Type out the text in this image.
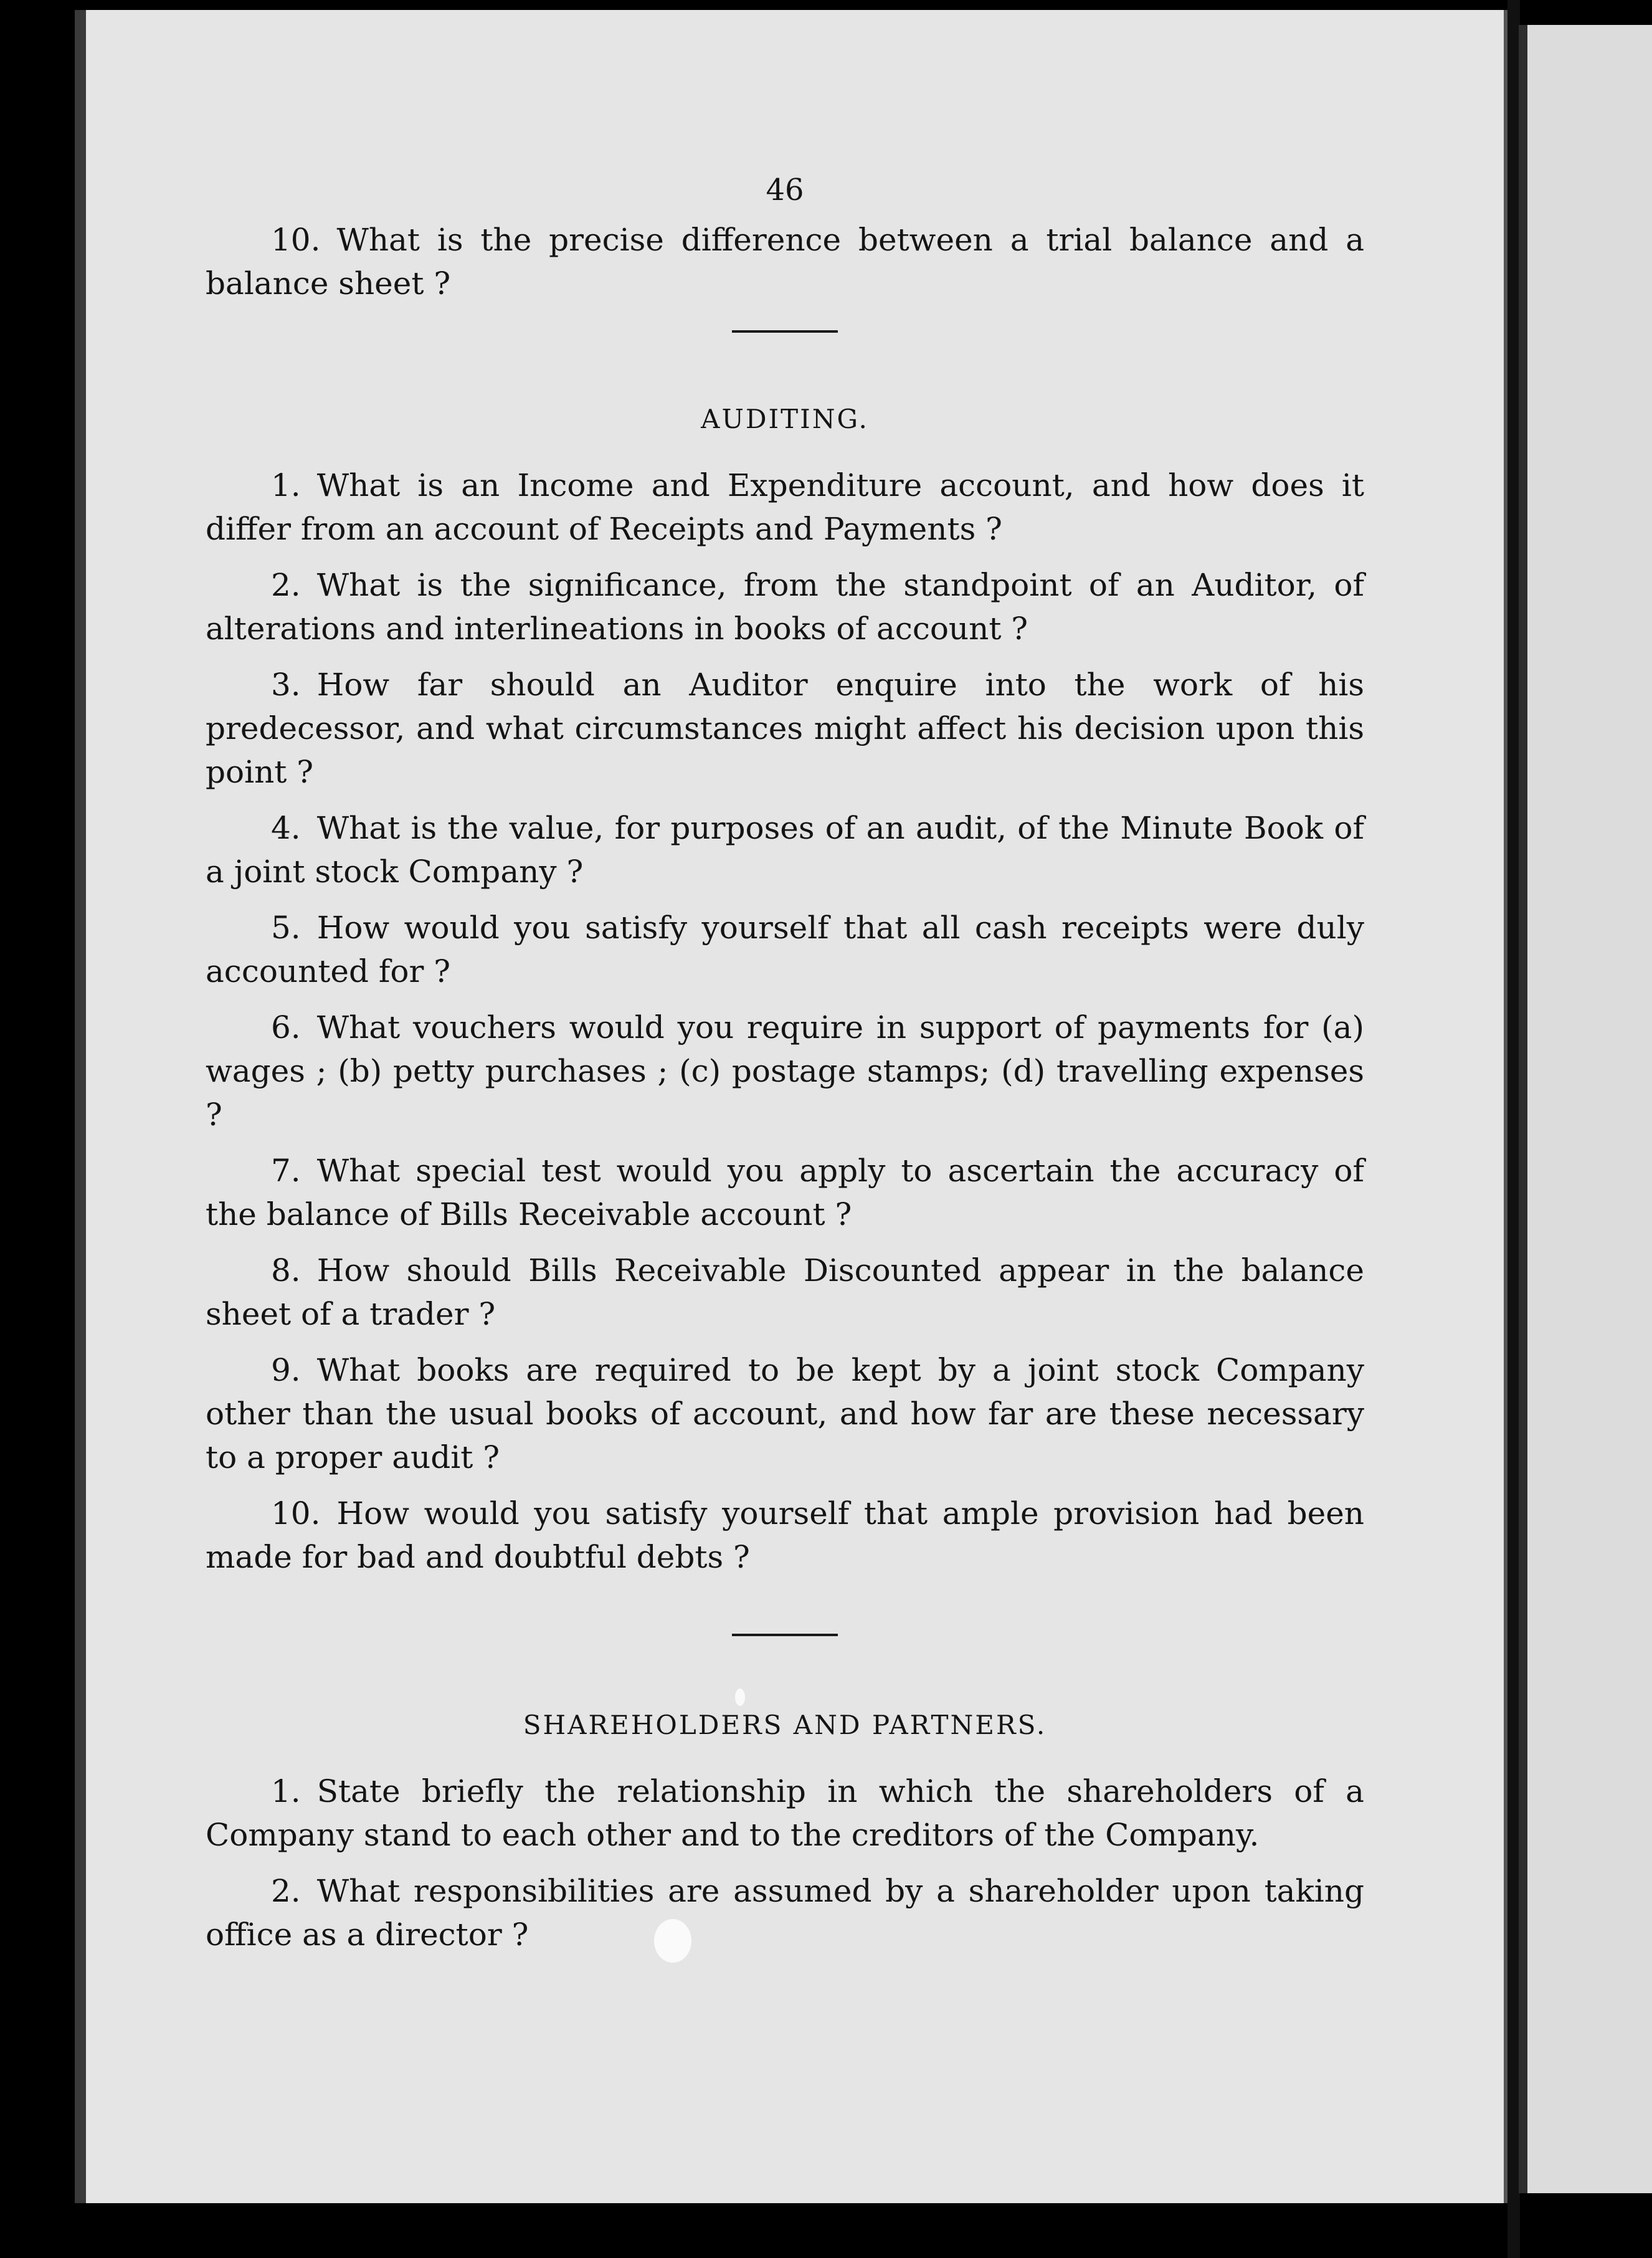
46

10. What is the precise difference between a trial balance and a balance sheet ?

AUDITING.

1. What is an Income and Expenditure account, and how does it differ from an account of Receipts and Payments ?

2. What is the significance, from the standpoint of an Auditor, of alterations and interlineations in books of account ?

3. How far should an Auditor enquire into the work of his predecessor, and what circumstances might affect his decision upon this point ?

4. What is the value, for purposes of an audit, of the Minute Book of a joint stock Company ?

5. How would you satisfy yourself that all cash receipts were duly accounted for ?

6. What vouchers would you require in support of payments for (a) wages ; (b) petty purchases ; (c) postage stamps; (d) travelling expenses ?

7. What special test would you apply to ascertain the accuracy of the balance of Bills Receivable account ?

8. How should Bills Receivable Discounted appear in the balance sheet of a trader ?

9. What books are required to be kept by a joint stock Company other than the usual books of account, and how far are these necessary to a proper audit ?

10. How would you satisfy yourself that ample provision had been made for bad and doubtful debts ?

SHAREHOLDERS AND PARTNERS.

1. State briefly the relationship in which the shareholders of a Company stand to each other and to the creditors of the Company.

2. What responsibilities are assumed by a shareholder upon taking office as a director ?
